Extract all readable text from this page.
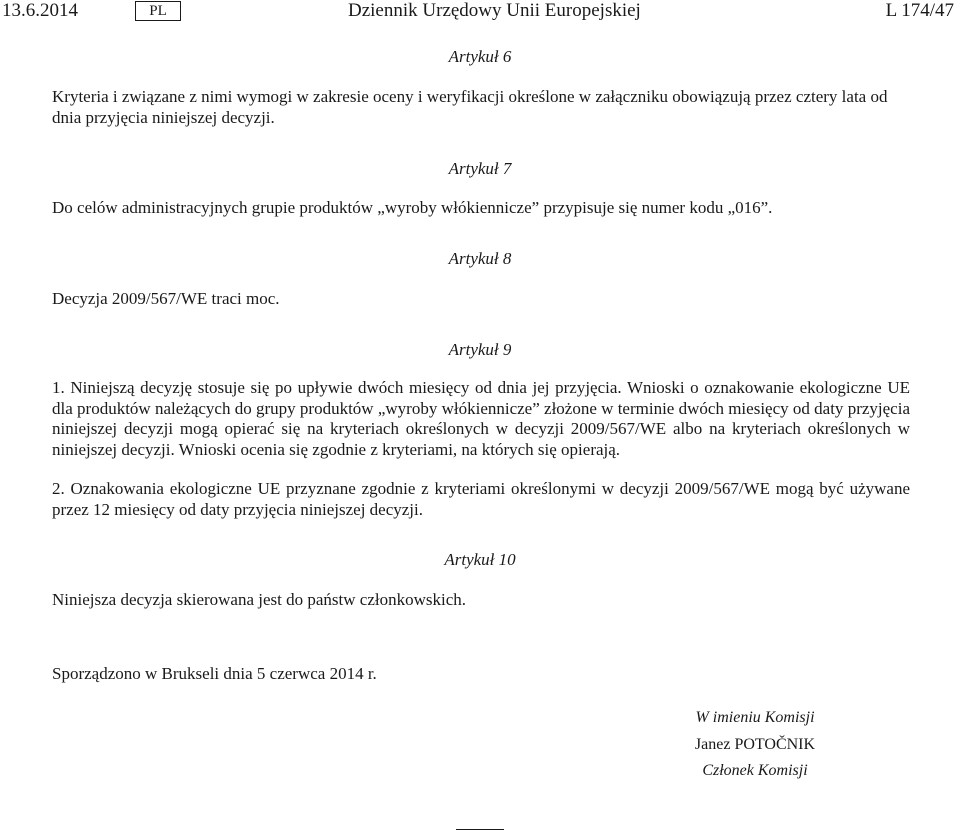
13.6.2014	PL	Dziennik Urzędowy Unii Europejskiej	L 174/47
Artykuł 6
Kryteria i związane z nimi wymogi w zakresie oceny i weryfikacji określone w załączniku obowiązują przez cztery lata od dnia przyjęcia niniejszej decyzji.
Artykuł 7
Do celów administracyjnych grupie produktów „wyroby włókiennicze” przypisuje się numer kodu „016”.
Artykuł 8
Decyzja 2009/567/WE traci moc.
Artykuł 9
1. Niniejszą decyzję stosuje się po upływie dwóch miesięcy od dnia jej przyjęcia. Wnioski o oznakowanie ekologiczne UE dla produktów należących do grupy produktów „wyroby włókiennicze” złożone w terminie dwóch miesięcy od daty przyjęcia niniejszej decyzji mogą opierać się na kryteriach określonych w decyzji 2009/567/WE albo na kryteriach określonych w niniejszej decyzji. Wnioski ocenia się zgodnie z kryteriami, na których się opierają.
2. Oznakowania ekologiczne UE przyznane zgodnie z kryteriami określonymi w decyzji 2009/567/WE mogą być używane przez 12 miesięcy od daty przyjęcia niniejszej decyzji.
Artykuł 10
Niniejsza decyzja skierowana jest do państw członkowskich.
Sporządzono w Brukseli dnia 5 czerwca 2014 r.
W imieniu Komisji
Janez POTOČNIK
Członek Komisji
